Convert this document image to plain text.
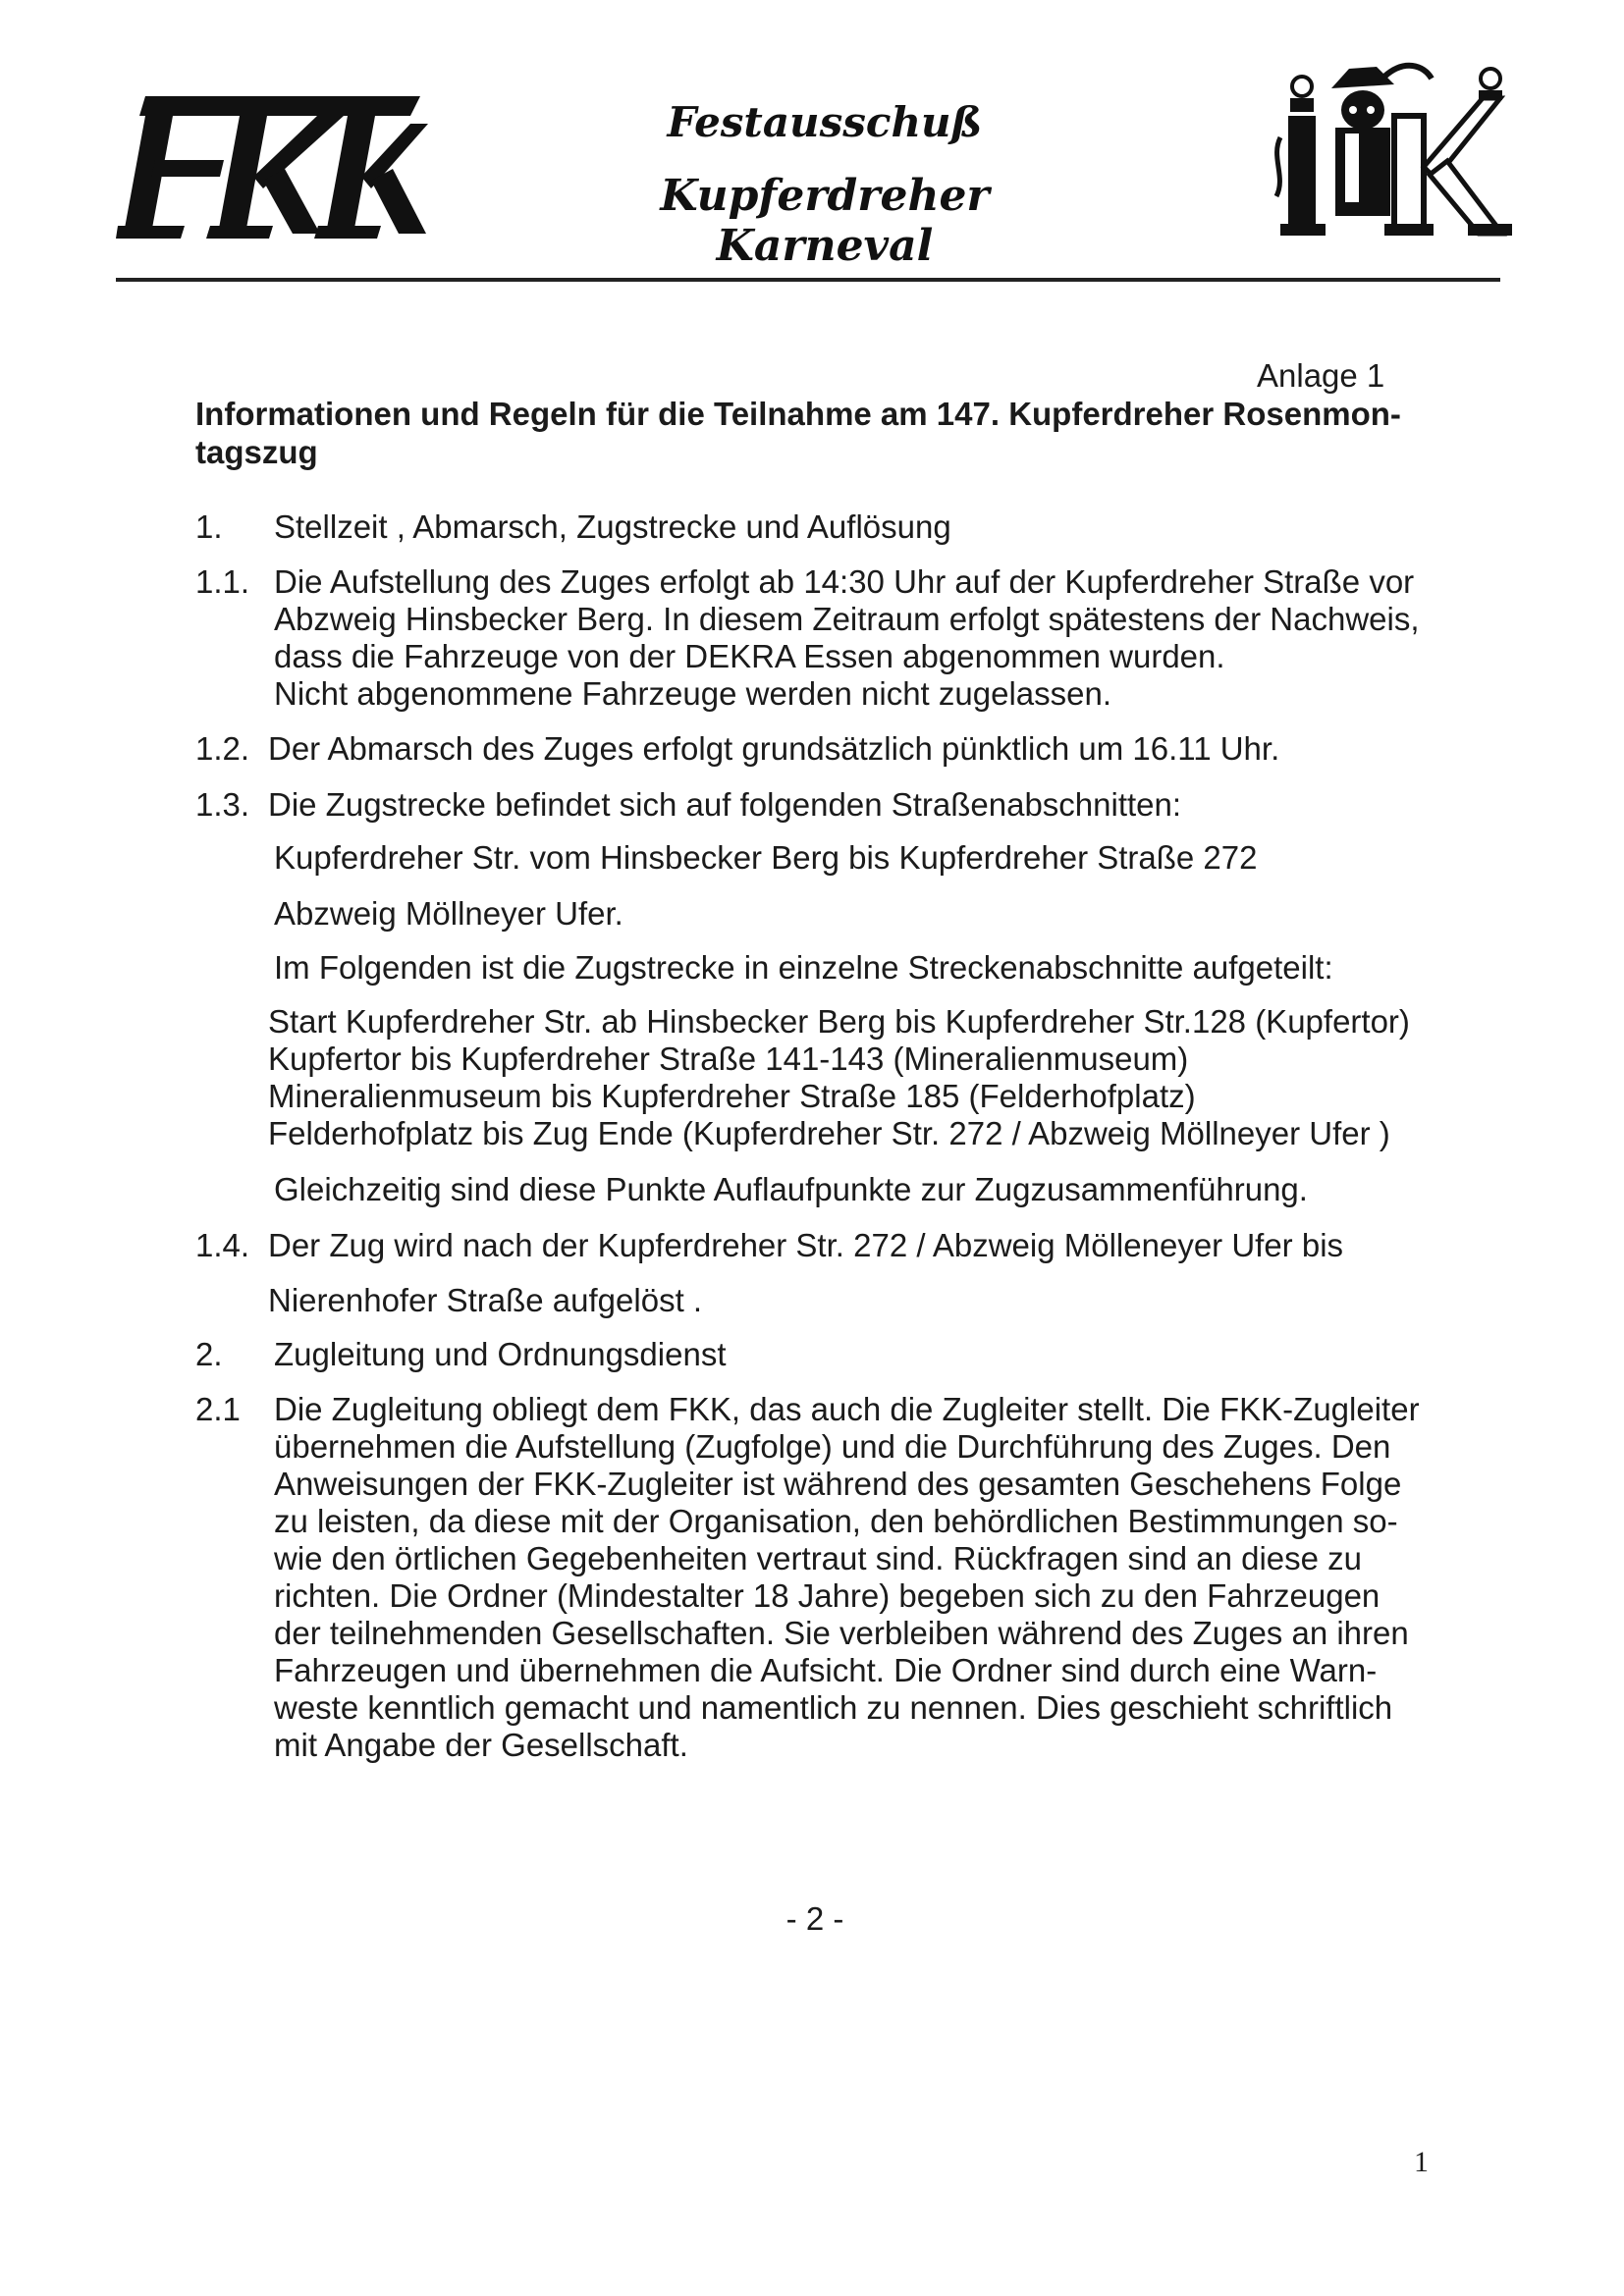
Festausschuß
Kupferdreher Karneval
Anlage 1
Informationen und Regeln für die Teilnahme am 147. Kupferdreher Rosenmon-
tagszug
1. Stellzeit , Abmarsch, Zugstrecke und Auflösung
1.1. Die Aufstellung des Zuges erfolgt ab 14:30 Uhr auf der Kupferdreher Straße vor
Abzweig Hinsbecker Berg. In diesem Zeitraum erfolgt spätestens der Nachweis,
dass die Fahrzeuge von der DEKRA Essen abgenommen wurden.
Nicht abgenommene Fahrzeuge werden nicht zugelassen.
1.2. Der Abmarsch des Zuges erfolgt grundsätzlich pünktlich um 16.11 Uhr.
1.3. Die Zugstrecke befindet sich auf folgenden Straßenabschnitten:
Kupferdreher Str. vom Hinsbecker Berg bis Kupferdreher Straße 272
Abzweig Möllneyer Ufer.
Im Folgenden ist die Zugstrecke in einzelne Streckenabschnitte aufgeteilt:
Start Kupferdreher Str. ab Hinsbecker Berg bis Kupferdreher Str.128 (Kupfertor)
Kupfertor bis Kupferdreher Straße 141-143 (Mineralienmuseum)
Mineralienmuseum bis Kupferdreher Straße 185 (Felderhofplatz)
Felderhofplatz bis Zug Ende (Kupferdreher Str. 272 / Abzweig Möllneyer Ufer )
Gleichzeitig sind diese Punkte Auflaufpunkte zur Zugzusammenführung.
1.4. Der Zug wird nach der Kupferdreher Str. 272 / Abzweig Mölleneyer Ufer bis
Nierenhofer Straße aufgelöst .
2. Zugleitung und Ordnungsdienst
2.1 Die Zugleitung obliegt dem FKK, das auch die Zugleiter stellt. Die FKK-Zugleiter
übernehmen die Aufstellung (Zugfolge) und die Durchführung des Zuges. Den
Anweisungen der FKK-Zugleiter ist während des gesamten Geschehens Folge
zu leisten, da diese mit der Organisation, den behördlichen Bestimmungen so-
wie den örtlichen Gegebenheiten vertraut sind. Rückfragen sind an diese zu
richten. Die Ordner (Mindestalter 18 Jahre) begeben sich zu den Fahrzeugen
der teilnehmenden Gesellschaften. Sie verbleiben während des Zuges an ihren
Fahrzeugen und übernehmen die Aufsicht. Die Ordner sind durch eine Warn-
weste kenntlich gemacht und namentlich zu nennen. Dies geschieht schriftlich
mit Angabe der Gesellschaft.
- 2 -
1
